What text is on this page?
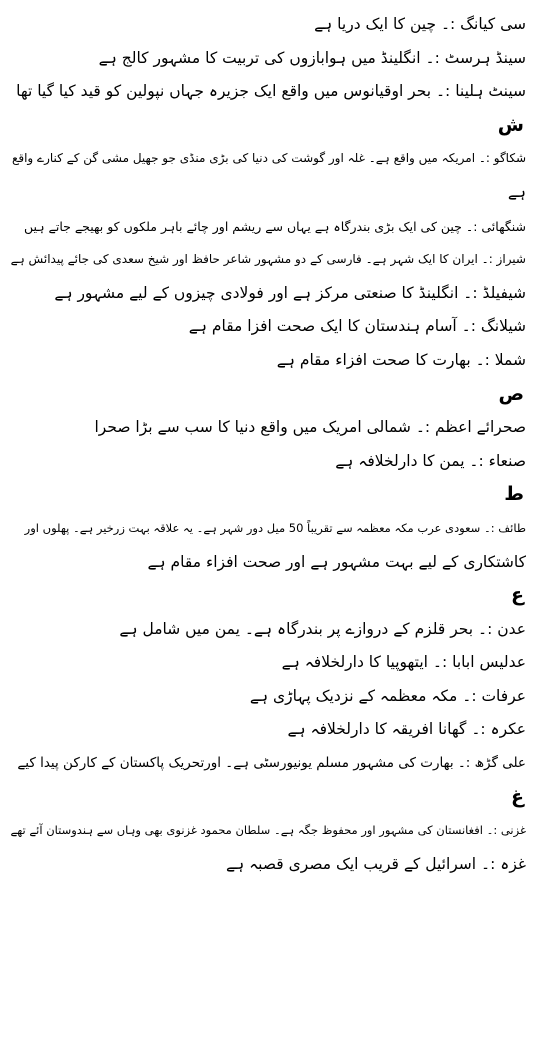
سی کیانگ :۔ چین کا ایک دریا ہے
سینڈ ہرسٹ :۔ انگلینڈ میں ہوابازوں کی تربیت کا مشہور کالج ہے
سینٹ ہلینا :۔ بحر اوقیانوس میں واقع ایک جزیرہ جہاں نپولین کو قید کیا گیا تھا
ش
شکاگو :۔ امریکہ میں واقع ہے۔ غلہ اور گوشت کی دنیا کی بڑی منڈی جو جھیل مشی گن کے کنارے واقع
ہے
شنگھائی :۔ چین کی ایک بڑی بندرگاہ ہے یہاں سے ریشم اور چائے باہر ملکوں کو بھیجے جاتے ہیں
شیراز :۔ ایران کا ایک شہر ہے۔ فارسی کے دو مشہور شاعر حافظ اور شیخ سعدی کی جائے پیدائش ہے
شیفیلڈ :۔ انگلینڈ کا صنعتی مرکز ہے اور فولادی چیزوں کے لیے مشہور ہے
شیلانگ :۔ آسام ہندستان کا ایک صحت افزا مقام ہے
شملا :۔ بھارت کا صحت افزاء مقام ہے
ص
صحرائے اعظم :۔ شمالی امریک میں واقع دنیا کا سب سے بڑا صحرا
صنعاء :۔ یمن کا دارلخلافہ ہے
ط
طائف :۔ سعودی عرب مکہ معظمہ سے تقریباً 50 میل دور شہر ہے۔ یہ علاقہ بہت زرخیر ہے۔ پھلوں اور
کاشتکاری کے لیے بہت مشہور ہے اور صحت افزاء مقام ہے
ع
عدن :۔ بحر قلزم کے دروازے پر بندرگاہ ہے۔ یمن میں شامل ہے
عدلیس ابابا :۔ ایتھوپیا کا دارلخلافہ ہے
عرفات :۔ مکہ معظمہ کے نزدیک پہاڑی ہے
عکرہ :۔ گھانا افریقہ کا دارلخلافہ ہے
علی گڑھ :۔ بھارت کی مشہور مسلم یونیورسٹی ہے۔ اورتحریک پاکستان کے کارکن پیدا کیے
غ
غزنی :۔ افغانستان کی مشہور اور محفوظ جگہ ہے۔ سلطان محمود غزنوی بھی وہاں سے ہندوستان آئے تھے
غزہ :۔ اسرائیل کے قریب ایک مصری قصبہ ہے
